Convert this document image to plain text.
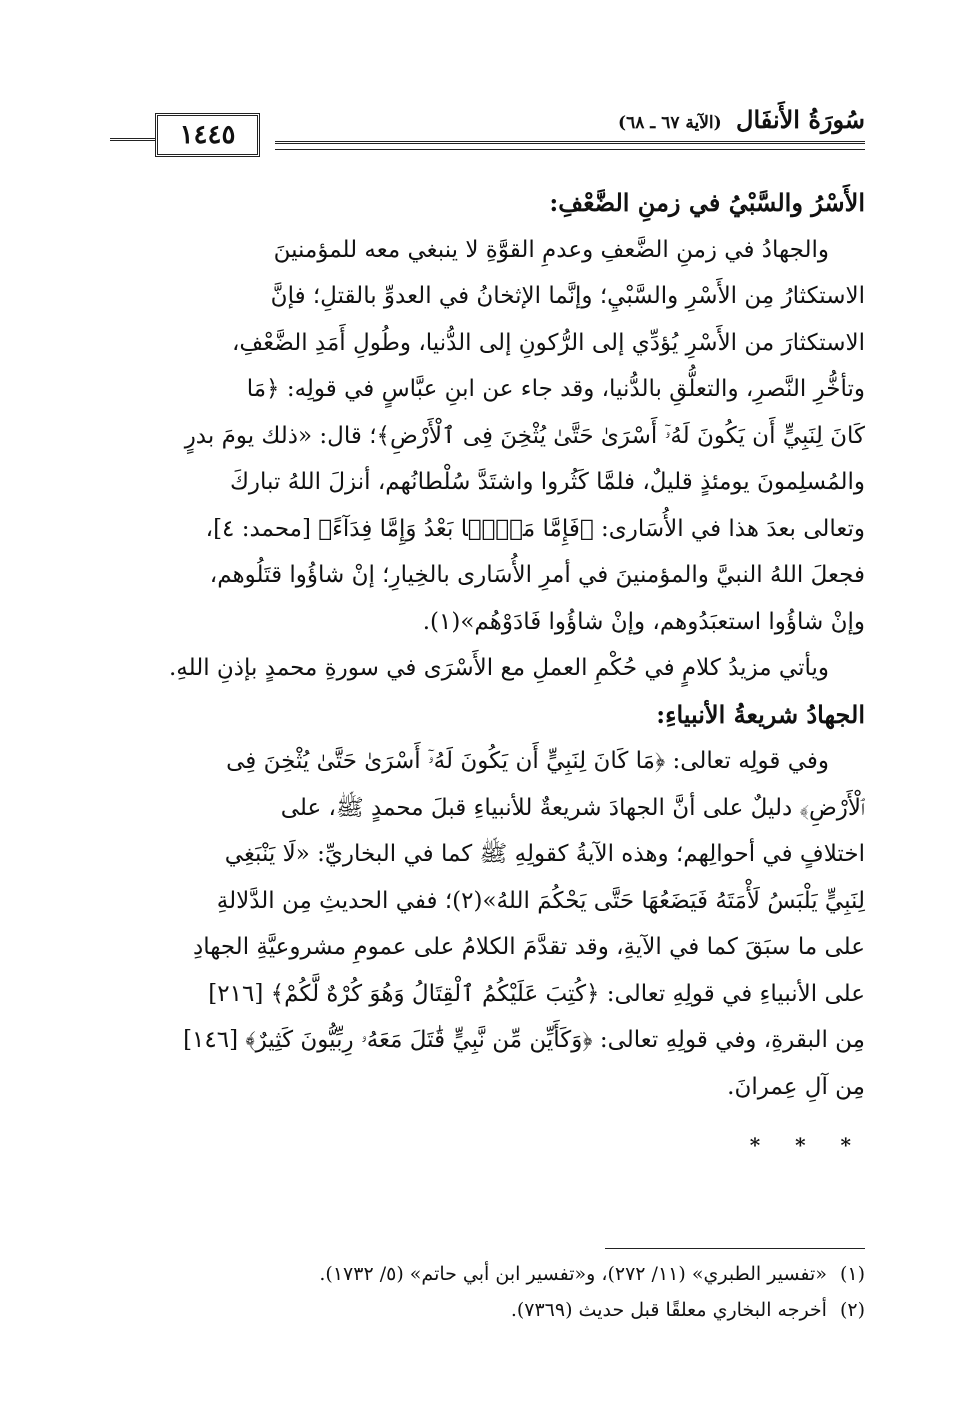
سُورَةُ الأَنفَال (الآية ٦٧ ـ ٦٨)
١٤٤٥

الأَسْرُ والسَّبْيُ في زمنِ الضَّعْفِ:

والجهادُ في زمنِ الضَّعفِ وعدمِ القوَّةِ لا ينبغي معه للمؤمنينَ

الاستكثارُ مِن الأَسْرِ والسَّبْيِ؛ وإنَّما الإثخانُ في العدوِّ بالقتلِ؛ فإنَّ

الاستكثارَ من الأَسْرِ يُؤدِّي إلى الرُّكونِ إلى الدُّنيا، وطُولِ أَمَدِ الضَّعْفِ،

وتأخُّرِ النَّصرِ، والتعلُّقِ بالدُّنيا، وقد جاء عن ابنِ عبَّاسٍ في قولِه: ﴿مَا

كَانَ لِنَبِيٍّ أَن يَكُونَ لَهُۥٓ أَسْرَىٰ حَتَّىٰ يُثْخِنَ فِى ٱلْأَرْضِ﴾؛ قال: «ذلك يومَ بدرٍ

والمُسلِمونَ يومئذٍ قليلٌ، فلمَّا كَثُروا واشتَدَّ سُلْطانُهم، أنزلَ اللهُ تباركَ

وتعالى بعدَ هذا في الأُسَارى: ﴿فَإِمَّا مَنًّۢا بَعْدُ وَإِمَّا فِدَآءً﴾ [محمد: ٤]،

فجعلَ اللهُ النبيَّ والمؤمنينَ في أمرِ الأُسَارى بالخِيارِ؛ إنْ شاؤُوا قتَلُوهم،

وإنْ شاؤُوا استعبَدُوهم، وإنْ شاؤُوا فَادَوْهُم»(١).

ويأتي مزيدُ كلامٍ في حُكْمِ العملِ مع الأَسْرَى في سورةِ محمدٍ بإذنِ اللهِ.

الجهادُ شريعةُ الأنبياءِ:

وفي قولِه تعالى: ﴿مَا كَانَ لِنَبِيٍّ أَن يَكُونَ لَهُۥٓ أَسْرَىٰ حَتَّىٰ يُثْخِنَ فِى

ٱلْأَرْضِ﴾ دليلٌ على أنَّ الجهادَ شريعةٌ للأنبياءِ قبلَ محمدٍ ﷺ، على

اختلافٍ في أحوالِهم؛ وهذه الآيةُ كقولِهِ ﷺ كما في البخاريِّ: «لَا يَنْبَغِي

لِنَبِيٍّ يَلْبَسُ لَأْمَتَهُ فَيَضَعُهَا حَتَّى يَحْكُمَ اللهُ»(٢)؛ ففي الحديثِ مِن الدَّلالةِ

على ما سبَقَ كما في الآيةِ، وقد تقدَّمَ الكلامُ على عمومِ مشروعيَّةِ الجهادِ

على الأنبياءِ في قولِهِ تعالى: ﴿كُتِبَ عَلَيْكُمُ ٱلْقِتَالُ وَهُوَ كُرْهٌ لَّكُمْ﴾ [٢١٦]

مِن البقرةِ، وفي قولِهِ تعالى: ﴿وَكَأَيِّن مِّن نَّبِيٍّ قَٰتَلَ مَعَهُۥ رِبِّيُّونَ كَثِيرٌ﴾ [١٤٦]

مِن آلِ عِمرانَ.

* * *

(١) «تفسير الطبري» (١١/ ٢٧٢)، و«تفسير ابن أبي حاتم» (٥/ ١٧٣٢).

(٢) أخرجه البخاري معلقًا قبل حديث (٧٣٦٩).
